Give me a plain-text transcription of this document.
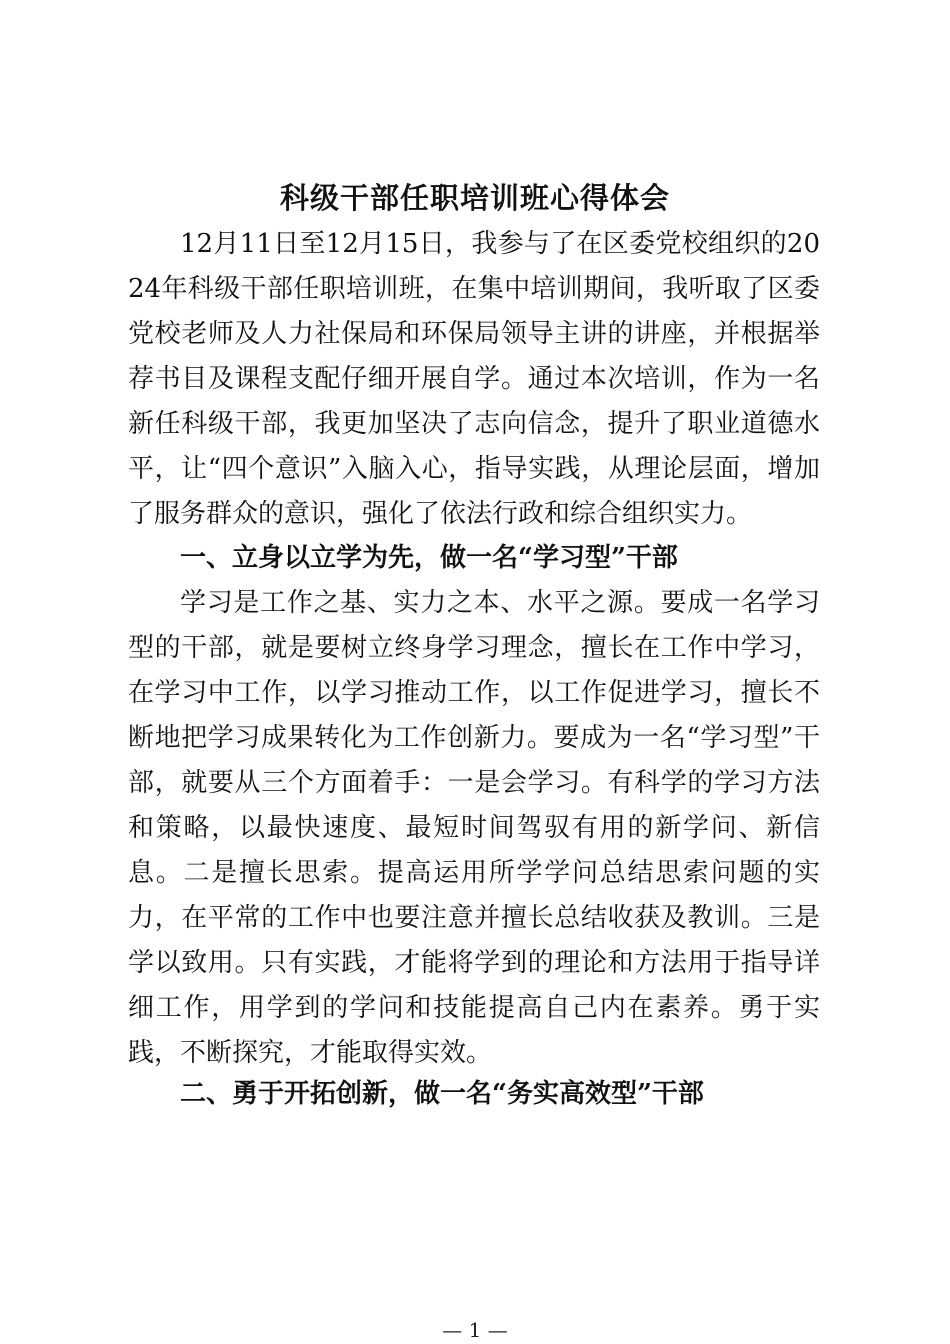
科级干部任职培训班心得体会

12月11日至12月15日，我参与了在区委党校组织的2024年科级干部任职培训班，在集中培训期间，我听取了区委党校老师及人力社保局和环保局领导主讲的讲座，并根据举荐书目及课程支配仔细开展自学。通过本次培训，作为一名新任科级干部，我更加坚决了志向信念，提升了职业道德水平，让“四个意识”入脑入心，指导实践，从理论层面，增加了服务群众的意识，强化了依法行政和综合组织实力。

一、立身以立学为先，做一名“学习型”干部

学习是工作之基、实力之本、水平之源。要成一名学习型的干部，就是要树立终身学习理念，擅长在工作中学习，在学习中工作，以学习推动工作，以工作促进学习，擅长不断地把学习成果转化为工作创新力。要成为一名“学习型”干部，就要从三个方面着手：一是会学习。有科学的学习方法和策略，以最快速度、最短时间驾驭有用的新学问、新信息。二是擅长思索。提高运用所学学问总结思索问题的实力，在平常的工作中也要注意并擅长总结收获及教训。三是学以致用。只有实践，才能将学到的理论和方法用于指导详细工作，用学到的学问和技能提高自己内在素养。勇于实践，不断探究，才能取得实效。

二、勇于开拓创新，做一名“务实高效型”干部

— 1 —
